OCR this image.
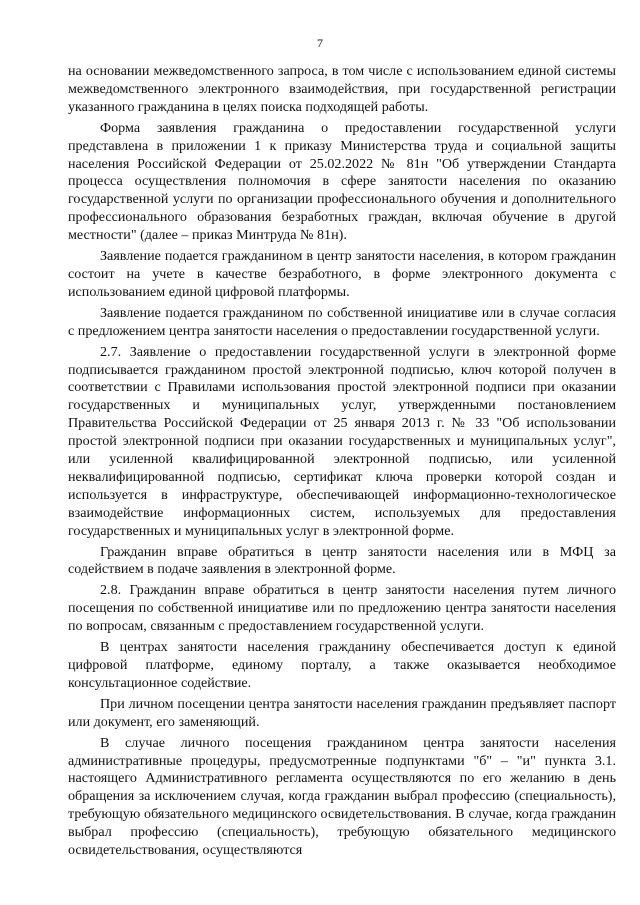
7

на основании межведомственного запроса, в том числе с использованием единой системы межведомственного электронного взаимодействия, при государственной регистрации указанного гражданина в целях поиска подходящей работы.

Форма заявления гражданина о предоставлении государственной услуги представлена в приложении 1 к приказу Министерства труда и социальной защиты населения Российской Федерации от 25.02.2022 № 81н "Об утверждении Стандарта процесса осуществления полномочия в сфере занятости населения по оказанию государственной услуги по организации профессионального обучения и дополнительного профессионального образования безработных граждан, включая обучение в другой местности" (далее – приказ Минтруда № 81н).

Заявление подается гражданином в центр занятости населения, в котором гражданин состоит на учете в качестве безработного, в форме электронного документа с использованием единой цифровой платформы.

Заявление подается гражданином по собственной инициативе или в случае согласия с предложением центра занятости населения о предоставлении государственной услуги.

2.7. Заявление о предоставлении государственной услуги в электронной форме подписывается гражданином простой электронной подписью, ключ которой получен в соответствии с Правилами использования простой электронной подписи при оказании государственных и муниципальных услуг, утвержденными постановлением Правительства Российской Федерации от 25 января 2013 г. № 33 "Об использовании простой электронной подписи при оказании государственных и муниципальных услуг", или усиленной квалифицированной электронной подписью, или усиленной неквалифицированной подписью, сертификат ключа проверки которой создан и используется в инфраструктуре, обеспечивающей информационно-технологическое взаимодействие информационных систем, используемых для предоставления государственных и муниципальных услуг в электронной форме.

Гражданин вправе обратиться в центр занятости населения или в МФЦ за содействием в подаче заявления в электронной форме.

2.8. Гражданин вправе обратиться в центр занятости населения путем личного посещения по собственной инициативе или по предложению центра занятости населения по вопросам, связанным с предоставлением государственной услуги.

В центрах занятости населения гражданину обеспечивается доступ к единой цифровой платформе, единому порталу, а также оказывается необходимое консультационное содействие.

При личном посещении центра занятости населения гражданин предъявляет паспорт или документ, его заменяющий.

В случае личного посещения гражданином центра занятости населения административные процедуры, предусмотренные подпунктами "б" – "и" пункта 3.1. настоящего Административного регламента осуществляются по его желанию в день обращения за исключением случая, когда гражданин выбрал профессию (специальность), требующую обязательного медицинского освидетельствования. В случае, когда гражданин выбрал профессию (специальность), требующую обязательного медицинского освидетельствования, осуществляются
